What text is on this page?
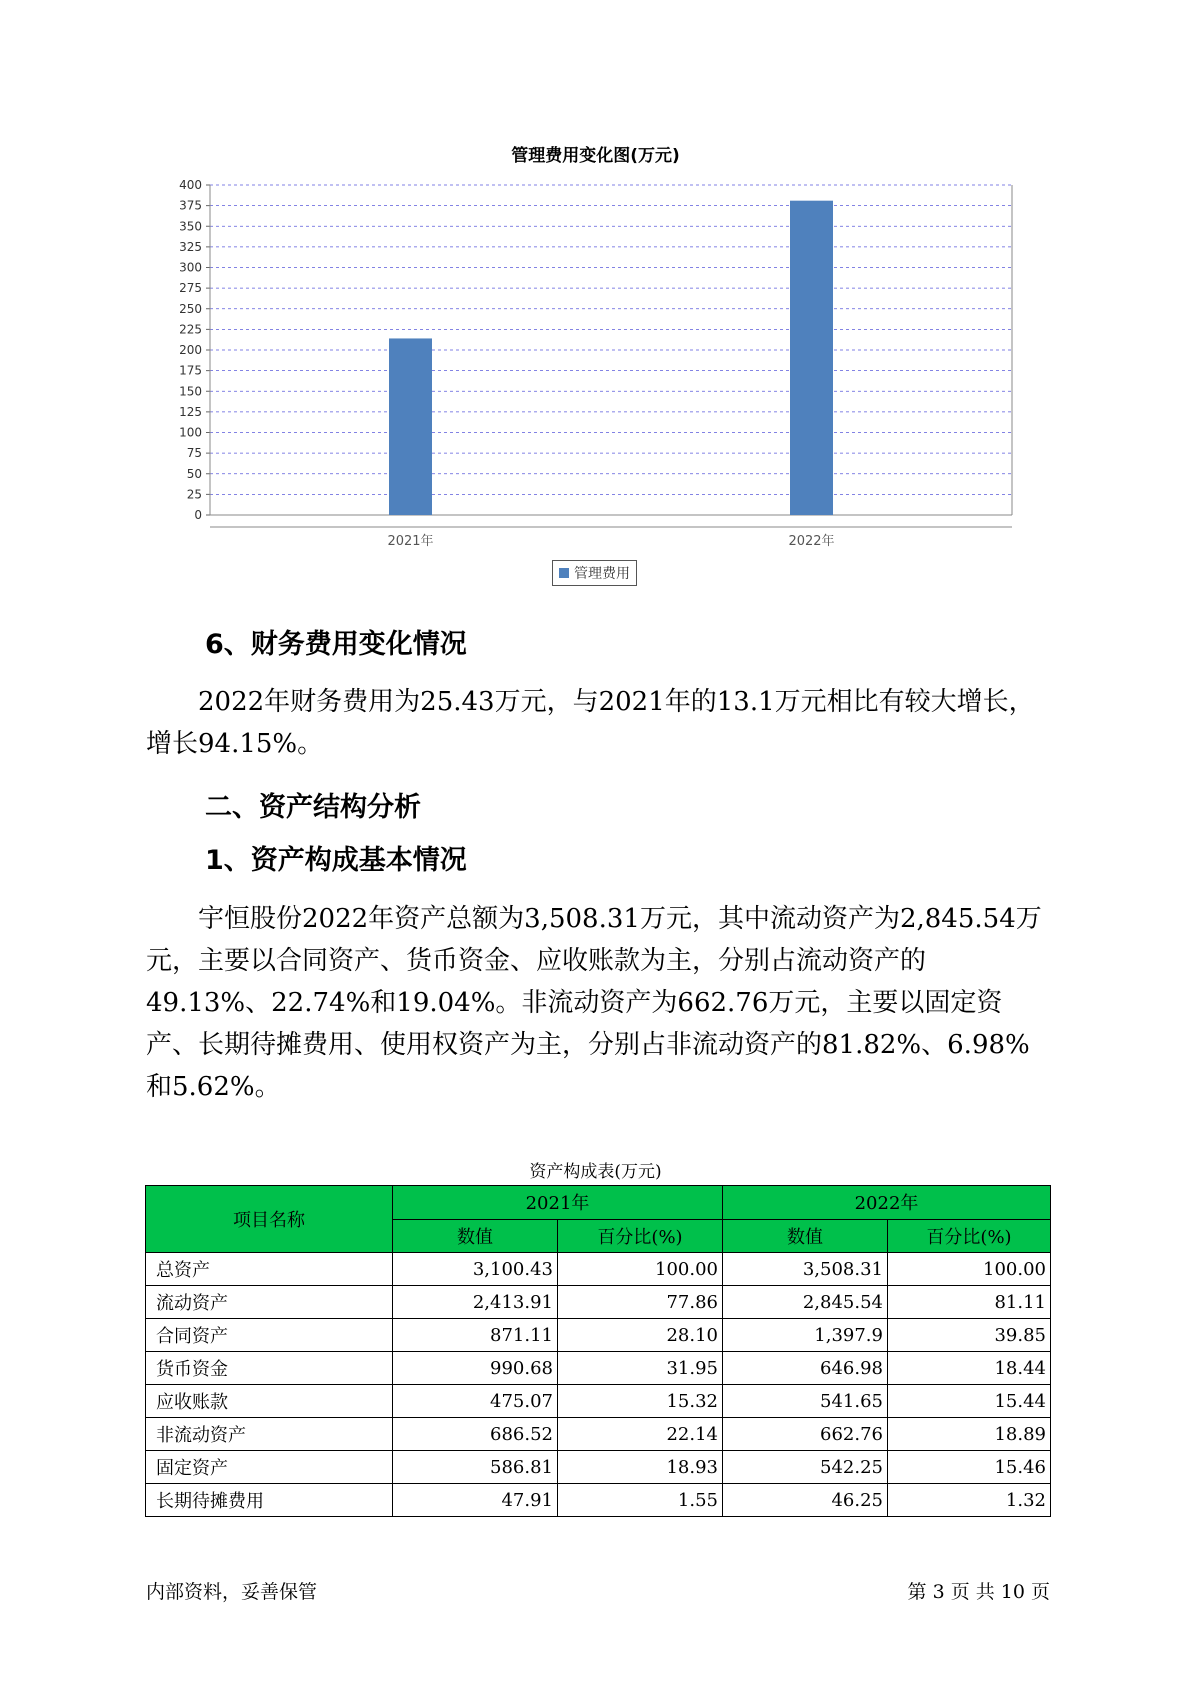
管理费用变化图(万元)
0
25
50
75
100
125
150
175
200
225
250
275
300
325
350
375
400
2021年	2022年
管理费用
6、财务费用变化情况

2022年财务费用为25.43万元，与2021年的13.1万元相比有较大增长，增长94.15%。

二、资产结构分析
1、资产构成基本情况

宇恒股份2022年资产总额为3,508.31万元，其中流动资产为2,845.54万元，主要以合同资产、货币资金、应收账款为主，分别占流动资产的49.13%、22.74%和19.04%。非流动资产为662.76万元，主要以固定资产、长期待摊费用、使用权资产为主，分别占非流动资产的81.82%、6.98%和5.62%。

资产构成表(万元)
项目名称	2021年		2022年	
	数值	百分比(%)	数值	百分比(%)
总资产	3,100.43	100.00	3,508.31	100.00
流动资产	2,413.91	77.86	2,845.54	81.11
合同资产	871.11	28.10	1,397.9	39.85
货币资金	990.68	31.95	646.98	18.44
应收账款	475.07	15.32	541.65	15.44
非流动资产	686.52	22.14	662.76	18.89
固定资产	586.81	18.93	542.25	15.46
长期待摊费用	47.91	1.55	46.25	1.32
内部资料，妥善保管	第 3 页 共 10 页
